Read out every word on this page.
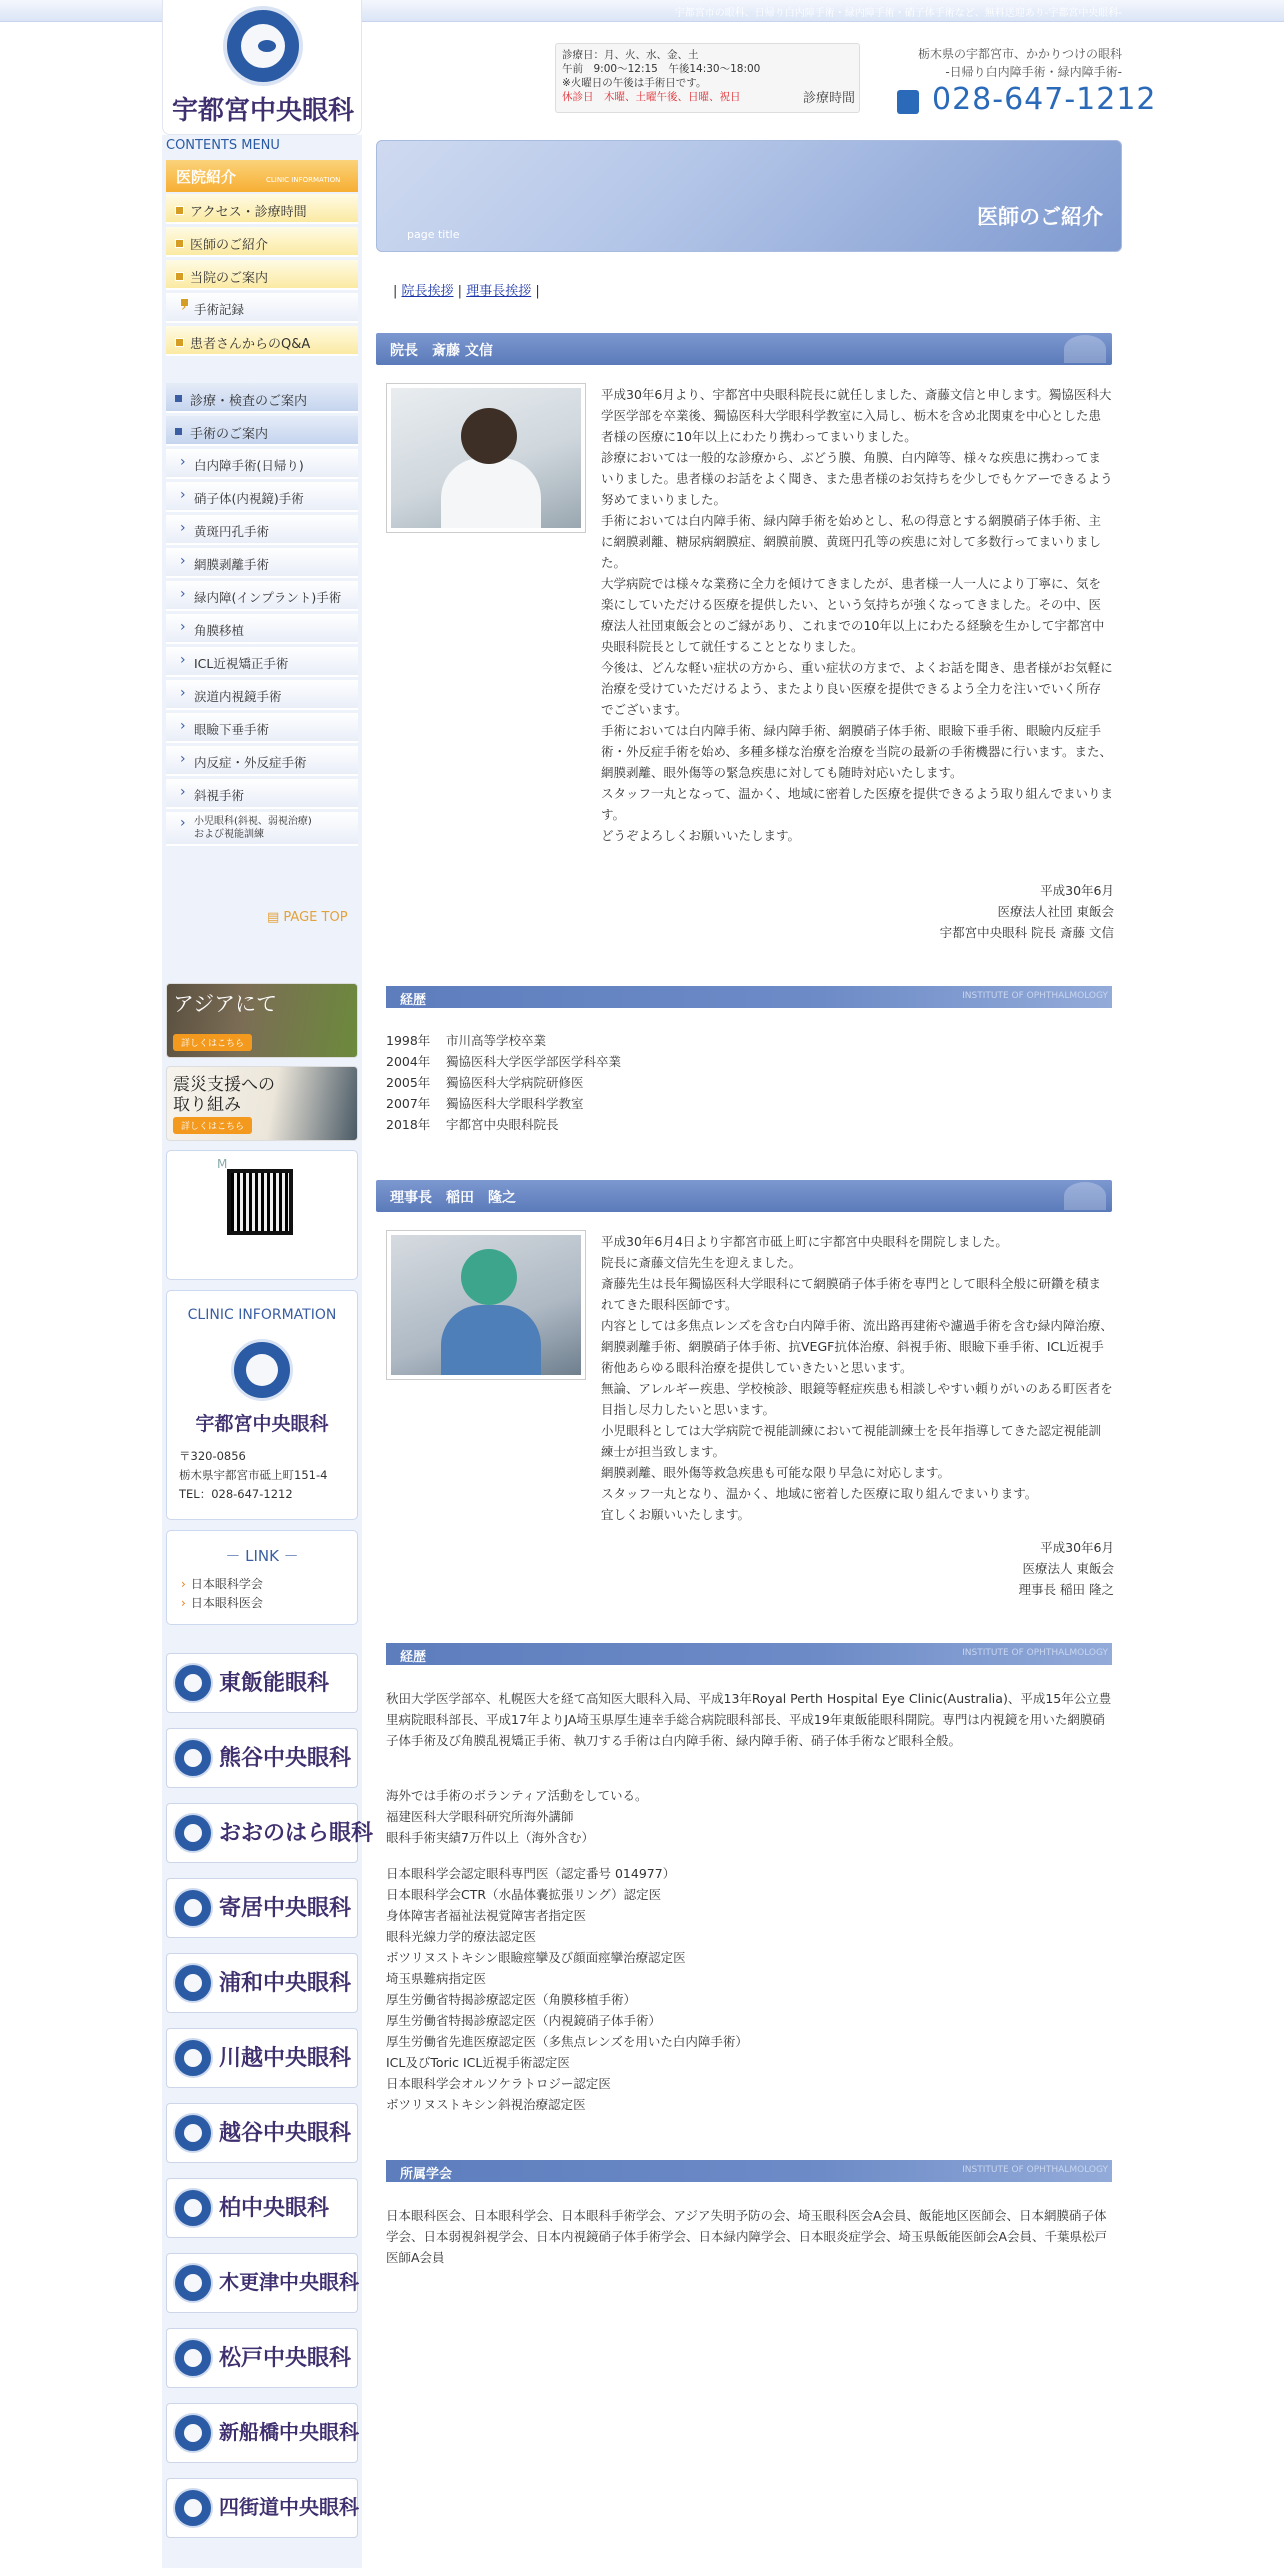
宇都宮市の眼科、日帰り白内障手術・緑内障手術・硝子体手術など、無料送迎あり-宇都宮中央眼科-
宇都宮中央眼科
診療日：月、火、水、金、土
午前　9:00～12:15　午後14:30～18:00
※火曜日の午後は手術日です。
休診日　木曜、土曜午後、日曜、祝日	診療時間
栃木県の宇都宮市、かかりつけの眼科
-日帰り白内障手術・緑内障手術-
028-647-1212
CONTENTS MENU
医院紹介	CLINIC INFORMATION
アクセス・診療時間
医師のご紹介
当院のご案内
› 手術記録
患者さんからのQ&A
診療・検査のご案内
手術のご案内
› 白内障手術(日帰り)
› 硝子体(内視鏡)手術
› 黄斑円孔手術
› 網膜剥離手術
› 緑内障(インプラント)手術
› 角膜移植
› ICL近視矯正手術
› 涙道内視鏡手術
› 眼瞼下垂手術
› 内反症・外反症手術
› 斜視手術
› 小児眼科(斜視、弱視治療)
および視能訓練
▤ PAGE TOP
アジアにて
詳しくはこちら
震災支援への
取り組み
詳しくはこちら
M
CLINIC INFORMATION
宇都宮中央眼科
〒320-0856
栃木県宇都宮市砥上町151-4
TEL：028-647-1212
－ LINK －
› 日本眼科学会
› 日本眼科医会
東飯能眼科
熊谷中央眼科
おおのはら眼科
寄居中央眼科
浦和中央眼科
川越中央眼科
越谷中央眼科
柏中央眼科
木更津中央眼科
松戸中央眼科
新船橋中央眼科
四街道中央眼科
page title
医師のご紹介
| 院長挨拶 | 理事長挨拶 |
院長　斎藤 文信

平成30年6月より、宇都宮中央眼科院長に就任しました、斎藤文信と申します。獨協医科大学医学部を卒業後、獨協医科大学眼科学教室に入局し、栃木を含め北関東を中心とした患者様の医療に10年以上にわたり携わってまいりました。

診療においては一般的な診療から、ぶどう膜、角膜、白内障等、様々な疾患に携わってまいりました。患者様のお話をよく聞き、また患者様のお気持ちを少しでもケアーできるよう努めてまいりました。

手術においては白内障手術、緑内障手術を始めとし、私の得意とする網膜硝子体手術、主に網膜剥離、糖尿病網膜症、網膜前膜、黄斑円孔等の疾患に対して多数行ってまいりました。

大学病院では様々な業務に全力を傾けてきましたが、患者様一人一人により丁寧に、気を楽にしていただける医療を提供したい、という気持ちが強くなってきました。その中、医療法人社団東飯会とのご縁があり、これまでの10年以上にわたる経験を生かして宇都宮中央眼科院長として就任することとなりました。

今後は、どんな軽い症状の方から、重い症状の方まで、よくお話を聞き、患者様がお気軽に治療を受けていただけるよう、またより良い医療を提供できるよう全力を注いでいく所存でございます。

手術においては白内障手術、緑内障手術、網膜硝子体手術、眼瞼下垂手術、眼瞼内反症手術・外反症手術を始め、多種多様な治療を治療を当院の最新の手術機器に行います。また、網膜剥離、眼外傷等の緊急疾患に対しても随時対応いたします。

スタッフ一丸となって、温かく、地域に密着した医療を提供できるよう取り組んでまいります。

どうぞよろしくお願いいたします。

平成30年6月
医療法人社団 東飯会
宇都宮中央眼科 院長 斎藤 文信
経歴	INSTITUTE OF OPHTHALMOLOGY
1998年 市川高等学校卒業
2004年 獨協医科大学医学部医学科卒業
2005年 獨協医科大学病院研修医
2007年 獨協医科大学眼科学教室
2018年 宇都宮中央眼科院長
理事長　稲田　隆之

平成30年6月4日より宇都宮市砥上町に宇都宮中央眼科を開院しました。

院長に斎藤文信先生を迎えました。

斎藤先生は長年獨協医科大学眼科にて網膜硝子体手術を専門として眼科全般に研鑽を積まれてきた眼科医師です。

内容としては多焦点レンズを含む白内障手術、流出路再建術や濾過手術を含む緑内障治療、網膜剥離手術、網膜硝子体手術、抗VEGF抗体治療、斜視手術、眼瞼下垂手術、ICL近視手術他あらゆる眼科治療を提供していきたいと思います。

無論、アレルギー疾患、学校検診、眼鏡等軽症疾患も相談しやすい頼りがいのある町医者を目指し尽力したいと思います。

小児眼科としては大学病院で視能訓練において視能訓練士を長年指導してきた認定視能訓練士が担当致します。

網膜剥離、眼外傷等救急疾患も可能な限り早急に対応します。

スタッフ一丸となり、温かく、地域に密着した医療に取り組んでまいります。

宜しくお願いいたします。

平成30年6月
医療法人 東飯会
理事長 稲田 隆之
経歴	INSTITUTE OF OPHTHALMOLOGY
秋田大学医学部卒、札幌医大を経て高知医大眼科入局、平成13年Royal Perth Hospital Eye Clinic(Australia)、平成15年公立豊里病院眼科部長、平成17年よりJA埼玉県厚生連幸手総合病院眼科部長、平成19年東飯能眼科開院。専門は内視鏡を用いた網膜硝子体手術及び角膜乱視矯正手術、執刀する手術は白内障手術、緑内障手術、硝子体手術など眼科全般。
海外では手術のボランティア活動をしている。
福建医科大学眼科研究所海外講師
眼科手術実績7万件以上（海外含む）
日本眼科学会認定眼科専門医（認定番号 014977）
日本眼科学会CTR（水晶体嚢拡張リング）認定医
身体障害者福祉法視覚障害者指定医
眼科光線力学的療法認定医
ボツリヌストキシン眼瞼痙攣及び顔面痙攣治療認定医
埼玉県難病指定医
厚生労働省特揭診療認定医（角膜移植手術）
厚生労働省特揭診療認定医（内視鏡硝子体手術）
厚生労働省先進医療認定医（多焦点レンズを用いた白内障手術）
ICL及びToric ICL近視手術認定医
日本眼科学会オルソケラトロジー認定医
ボツリヌストキシン斜視治療認定医
所属学会	INSTITUTE OF OPHTHALMOLOGY
日本眼科医会、日本眼科学会、日本眼科手術学会、アジア失明予防の会、埼玉眼科医会A会員、飯能地区医師会、日本網膜硝子体学会、日本弱視斜視学会、日本内視鏡硝子体手術学会、日本緑内障学会、日本眼炎症学会、埼玉県飯能医師会A会員、千葉県松戸医師A会員
